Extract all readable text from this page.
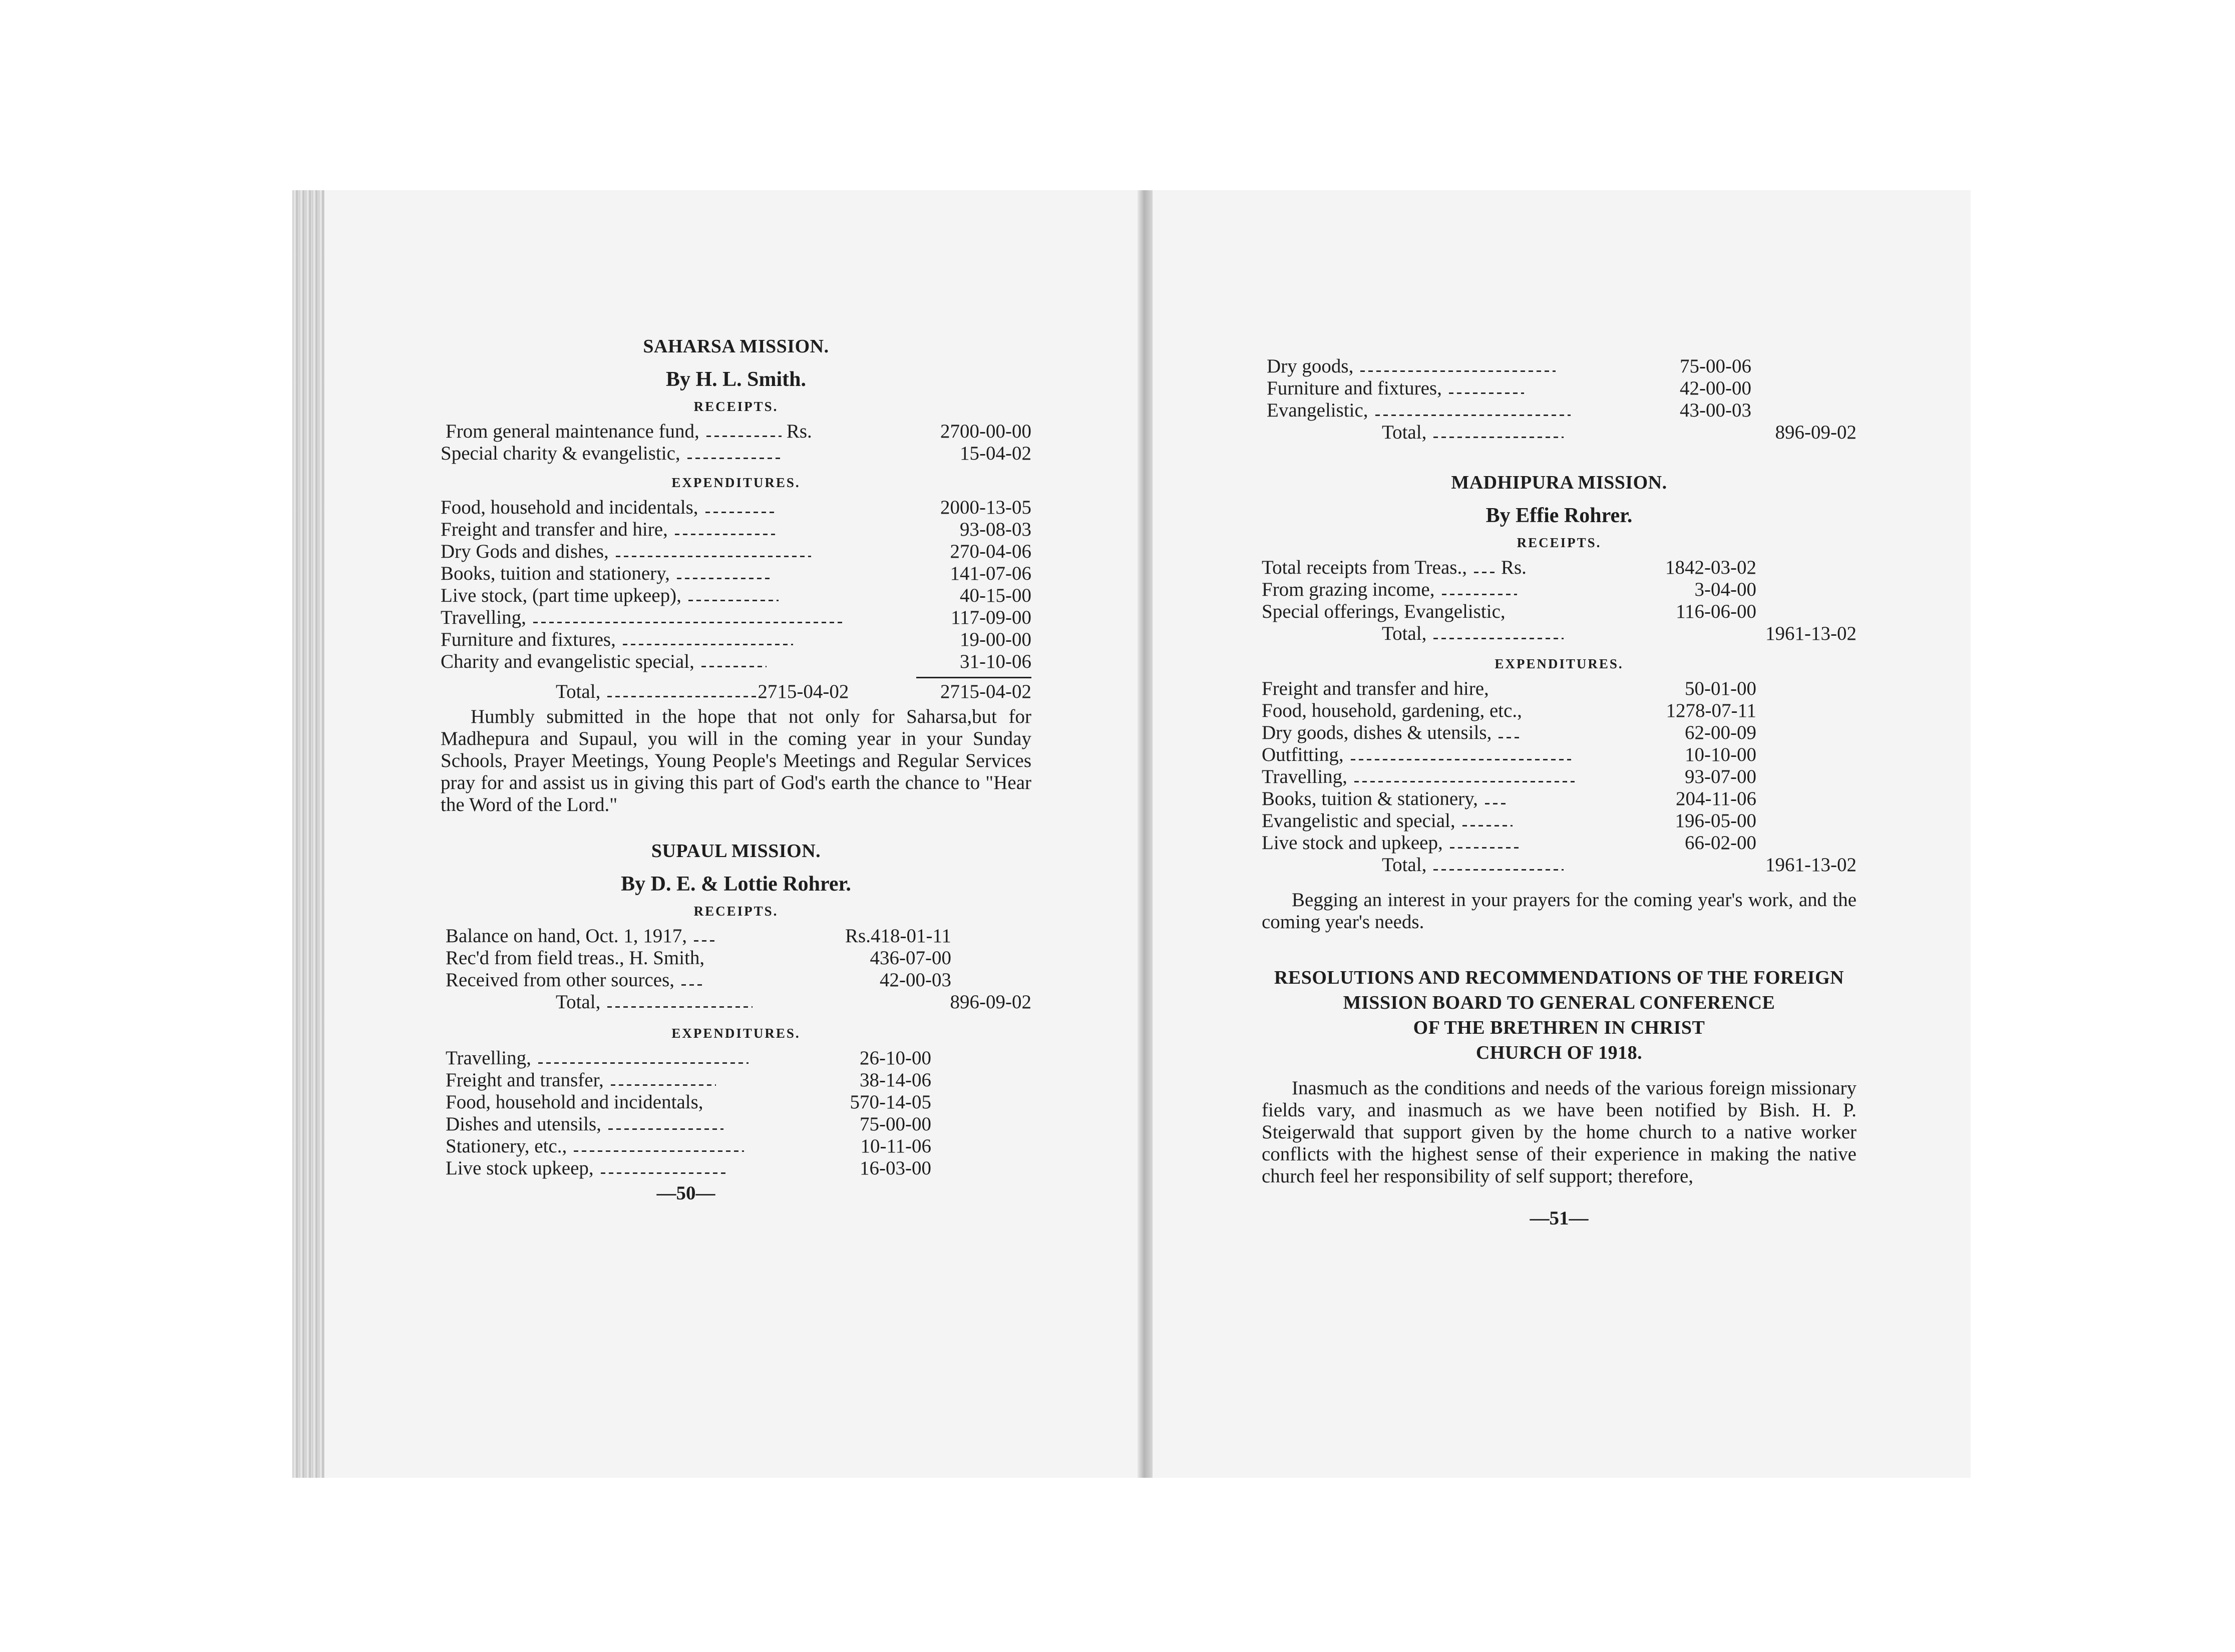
SAHARSA MISSION.
By H. L. Smith.
RECEIPTS.
From general maintenance fund,	Rs.	2700-00-00
Special charity & evangelistic,	15-04-02
EXPENDITURES.
Food, household and incidentals,	2000-13-05
Freight and transfer and hire,	93-08-03
Dry Gods and dishes,	270-04-06
Books, tuition and stationery,	141-07-06
Live stock, (part time upkeep),	40-15-00
Travelling,	117-09-00
Furniture and fixtures,	19-00-00
Charity and evangelistic special,	31-10-06
Total,	2715-04-02	2715-04-02
Humbly submitted in the hope that not only for Saharsa,but for Madhepura and Supaul, you will in the coming year in your Sunday Schools, Prayer Meetings, Young People's Meetings and Regular Services pray for and assist us in giving this part of God's earth the chance to "Hear the Word of the Lord."
SUPAUL MISSION.
By D. E. & Lottie Rohrer.
RECEIPTS.
Balance on hand, Oct. 1, 1917,	Rs.418-01-11
Rec'd from field treas., H. Smith,	436-07-00
Received from other sources,	42-00-03
Total,	896-09-02
EXPENDITURES.
Travelling,	26-10-00
Freight and transfer,	38-14-06
Food, household and incidentals,	570-14-05
Dishes and utensils,	75-00-00
Stationery, etc.,	10-11-06
Live stock upkeep,	16-03-00
—50—
Dry goods,	75-00-06
Furniture and fixtures,	42-00-00
Evangelistic,	43-00-03
Total,	896-09-02
MADHIPURA MISSION.
By Effie Rohrer.
RECEIPTS.
Total receipts from Treas., Rs.	1842-03-02
From grazing income,	3-04-00
Special offerings, Evangelistic,	116-06-00
Total,	1961-13-02
EXPENDITURES.
Freight and transfer and hire,	50-01-00
Food, household, gardening, etc.,	1278-07-11
Dry goods, dishes & utensils,	62-00-09
Outfitting,	10-10-00
Travelling,	93-07-00
Books, tuition & stationery,	204-11-06
Evangelistic and special,	196-05-00
Live stock and upkeep,	66-02-00
Total,	1961-13-02
Begging an interest in your prayers for the coming year's work, and the coming year's needs.
RESOLUTIONS AND RECOMMENDATIONS OF THE FOREIGN
MISSION BOARD TO GENERAL CONFERENCE
OF THE BRETHREN IN CHRIST
CHURCH OF 1918.
Inasmuch as the conditions and needs of the various foreign missionary fields vary, and inasmuch as we have been notified by Bish. H. P. Steigerwald that support given by the home church to a native worker conflicts with the highest sense of their experience in making the native church feel her responsibility of self support; therefore,
—51—
